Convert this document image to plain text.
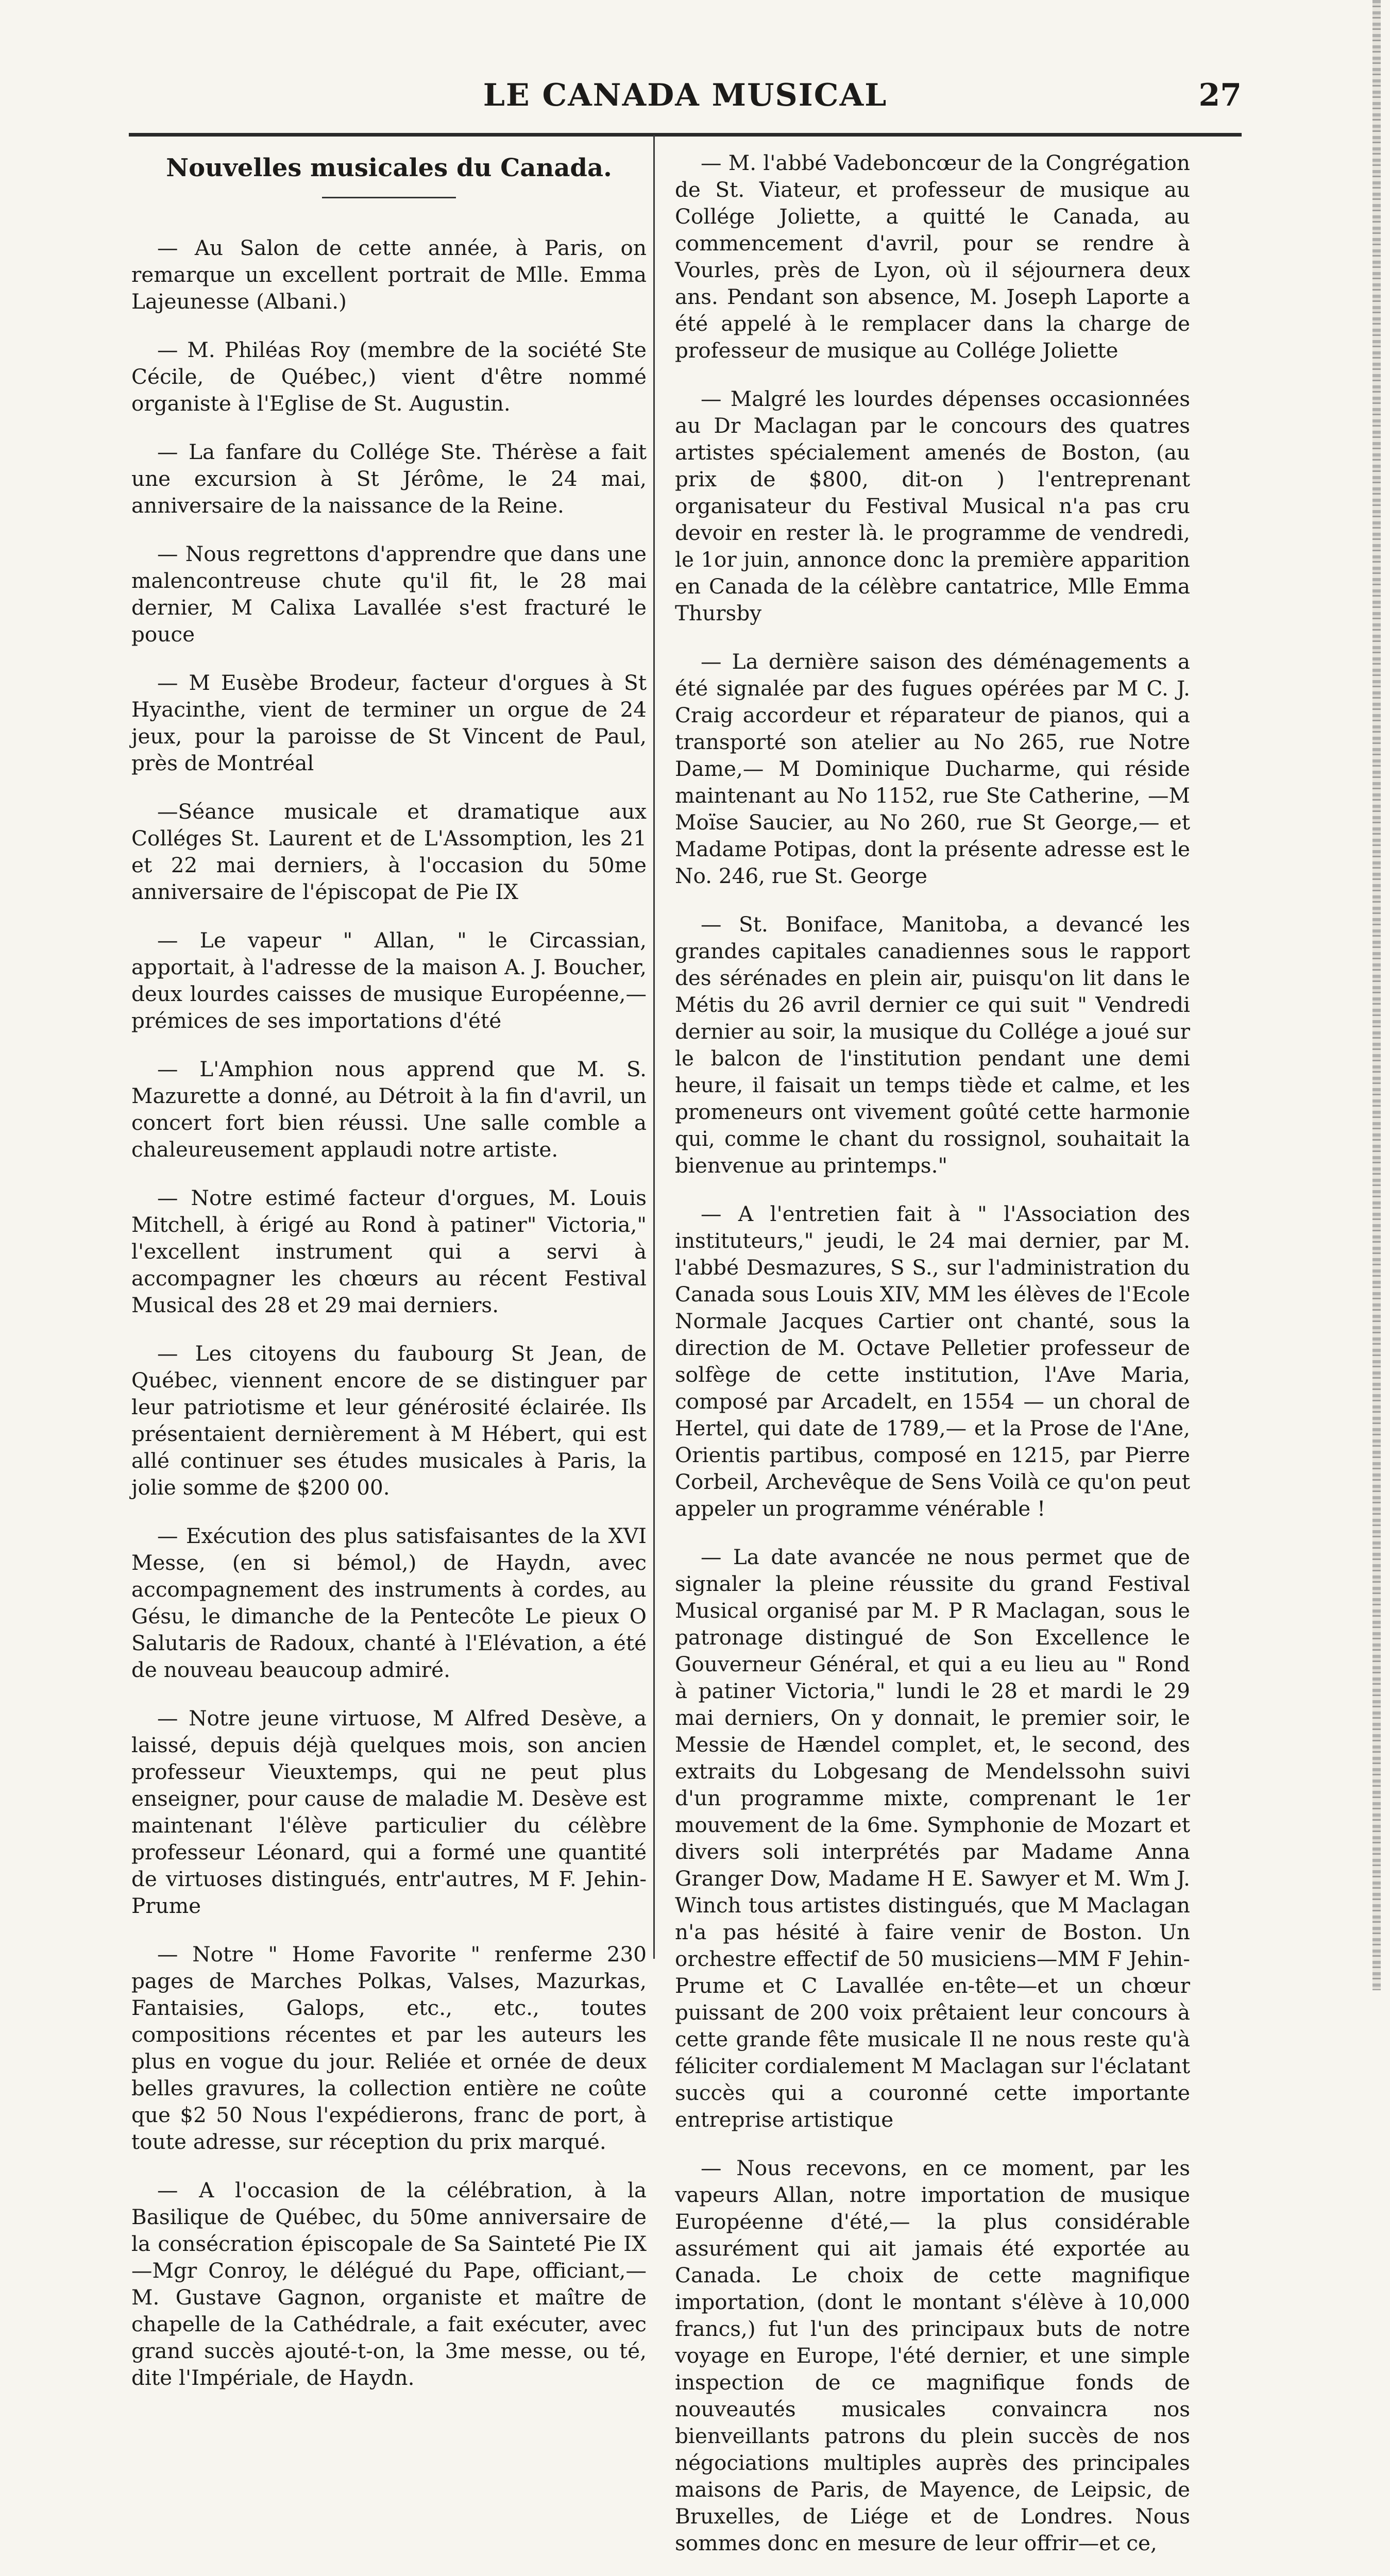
LE CANADA MUSICAL	27
Nouvelles musicales du Canada.

— Au Salon de cette année, à Paris, on remarque un excellent portrait de Mlle. Emma Lajeunesse (Albani.)

— M. Philéas Roy (membre de la société Ste Cécile, de Québec,) vient d'être nommé organiste à l'Eglise de St. Augustin.

— La fanfare du Collége Ste. Thérèse a fait une excursion à St Jérôme, le 24 mai, anniversaire de la naissance de la Reine.

— Nous regrettons d'apprendre que dans une malencontreuse chute qu'il fit, le 28 mai dernier, M Calixa Lavallée s'est fracturé le pouce

— M Eusèbe Brodeur, facteur d'orgues à St Hyacinthe, vient de terminer un orgue de 24 jeux, pour la paroisse de St Vincent de Paul, près de Montréal

—Séance musicale et dramatique aux Colléges St. Laurent et de L'Assomption, les 21 et 22 mai derniers, à l'occasion du 50me anniversaire de l'épiscopat de Pie IX

— Le vapeur " Allan, " le Circassian, apportait, à l'adresse de la maison A. J. Boucher, deux lourdes caisses de musique Européenne,—prémices de ses importations d'été

— L'Amphion nous apprend que M. S. Mazurette a donné, au Détroit à la fin d'avril, un concert fort bien réussi. Une salle comble a chaleureusement applaudi notre artiste.

— Notre estimé facteur d'orgues, M. Louis Mitchell, à érigé au Rond à patiner" Victoria," l'excellent instrument qui a servi à accompagner les chœurs au récent Festival Musical des 28 et 29 mai derniers.

— Les citoyens du faubourg St Jean, de Québec, viennent encore de se distinguer par leur patriotisme et leur générosité éclairée. Ils présentaient dernièrement à M Hébert, qui est allé continuer ses études musicales à Paris, la jolie somme de $200 00.

— Exécution des plus satisfaisantes de la XVI Messe, (en si bémol,) de Haydn, avec accompagnement des instruments à cordes, au Gésu, le dimanche de la Pentecôte Le pieux O Salutaris de Radoux, chanté à l'Elévation, a été de nouveau beaucoup admiré.

— Notre jeune virtuose, M Alfred Desève, a laissé, depuis déjà quelques mois, son ancien professeur Vieuxtemps, qui ne peut plus enseigner, pour cause de maladie M. Desève est maintenant l'élève particulier du célèbre professeur Léonard, qui a formé une quantité de virtuoses distingués, entr'autres, M F. Jehin-Prume

— Notre " Home Favorite " renferme 230 pages de Marches Polkas, Valses, Mazurkas, Fantaisies, Galops, etc., etc., toutes compositions récentes et par les auteurs les plus en vogue du jour. Reliée et ornée de deux belles gravures, la collection entière ne coûte que $2 50 Nous l'expédierons, franc de port, à toute adresse, sur réception du prix marqué.

— A l'occasion de la célébration, à la Basilique de Québec, du 50me anniversaire de la consécration épiscopale de Sa Sainteté Pie IX—Mgr Conroy, le délégué du Pape, officiant,—M. Gustave Gagnon, organiste et maître de chapelle de la Cathédrale, a fait exécuter, avec grand succès ajouté-t-on, la 3me messe, ou té, dite l'Impériale, de Haydn.

— M. l'abbé Vadeboncœur de la Congrégation de St. Viateur, et professeur de musique au Collége Joliette, a quitté le Canada, au commencement d'avril, pour se rendre à Vourles, près de Lyon, où il séjournera deux ans. Pendant son absence, M. Joseph Laporte a été appelé à le remplacer dans la charge de professeur de musique au Collége Joliette

— Malgré les lourdes dépenses occasionnées au Dr Maclagan par le concours des quatres artistes spécialement amenés de Boston, (au prix de $800, dit-on ) l'entreprenant organisateur du Festival Musical n'a pas cru devoir en rester là. le programme de vendredi, le 1or juin, annonce donc la première apparition en Canada de la célèbre cantatrice, Mlle Emma Thursby

— La dernière saison des déménagements a été signalée par des fugues opérées par M C. J. Craig accordeur et réparateur de pianos, qui a transporté son atelier au No 265, rue Notre Dame,— M Dominique Ducharme, qui réside maintenant au No 1152, rue Ste Catherine, —M Moïse Saucier, au No 260, rue St George,— et Madame Potipas, dont la présente adresse est le No. 246, rue St. George

— St. Boniface, Manitoba, a devancé les grandes capitales canadiennes sous le rapport des sérénades en plein air, puisqu'on lit dans le Métis du 26 avril dernier ce qui suit " Vendredi dernier au soir, la musique du Collége a joué sur le balcon de l'institution pendant une demi heure, il faisait un temps tiède et calme, et les promeneurs ont vivement goûté cette harmonie qui, comme le chant du rossignol, souhaitait la bienvenue au printemps."

— A l'entretien fait à " l'Association des instituteurs," jeudi, le 24 mai dernier, par M. l'abbé Desmazures, S S., sur l'administration du Canada sous Louis XIV, MM les élèves de l'Ecole Normale Jacques Cartier ont chanté, sous la direction de M. Octave Pelletier professeur de solfège de cette institution, l'Ave Maria, composé par Arcadelt, en 1554 — un choral de Hertel, qui date de 1789,— et la Prose de l'Ane, Orientis partibus, composé en 1215, par Pierre Corbeil, Archevêque de Sens Voilà ce qu'on peut appeler un programme vénérable !

— La date avancée ne nous permet que de signaler la pleine réussite du grand Festival Musical organisé par M. P R Maclagan, sous le patronage distingué de Son Excellence le Gouverneur Général, et qui a eu lieu au " Rond à patiner Victoria," lundi le 28 et mardi le 29 mai derniers, On y donnait, le premier soir, le Messie de Hændel complet, et, le second, des extraits du Lobgesang de Mendelssohn suivi d'un programme mixte, comprenant le 1er mouvement de la 6me. Symphonie de Mozart et divers soli interprétés par Madame Anna Granger Dow, Madame H E. Sawyer et M. Wm J. Winch tous artistes distingués, que M Maclagan n'a pas hésité à faire venir de Boston. Un orchestre effectif de 50 musiciens—MM F Jehin-Prume et C Lavallée en-tête—et un chœur puissant de 200 voix prêtaient leur concours à cette grande fête musicale Il ne nous reste qu'à féliciter cordialement M Maclagan sur l'éclatant succès qui a couronné cette importante entreprise artistique

— Nous recevons, en ce moment, par les vapeurs Allan, notre importation de musique Européenne d'été,— la plus considérable assurément qui ait jamais été exportée au Canada. Le choix de cette magnifique importation, (dont le montant s'élève à 10,000 francs,) fut l'un des principaux buts de notre voyage en Europe, l'été dernier, et une simple inspection de ce magnifique fonds de nouveautés musicales convaincra nos bienveillants patrons du plein succès de nos négociations multiples auprès des principales maisons de Paris, de Mayence, de Leipsic, de Bruxelles, de Liége et de Londres. Nous sommes donc en mesure de leur offrir—et ce,
